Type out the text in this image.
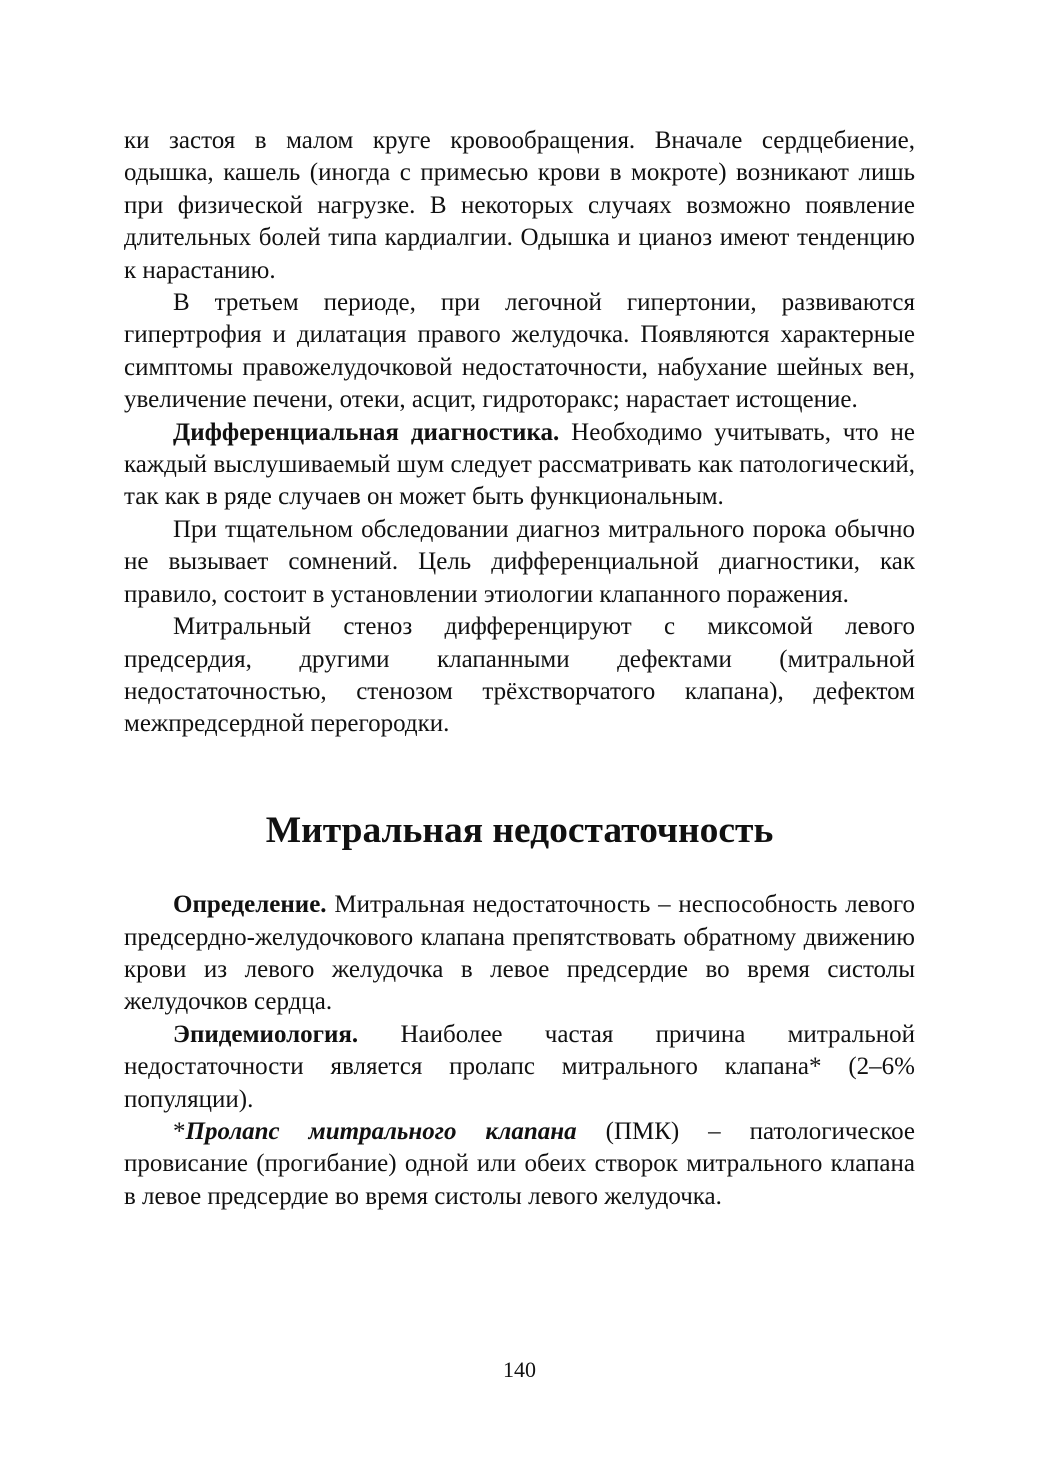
ки застоя в малом круге кровообращения. Вначале сердцебиение, одышка, кашель (иногда с примесью крови в мокроте) возникают лишь при физической нагрузке. В некоторых случаях возможно появление длительных болей типа кардиалгии. Одышка и цианоз имеют тенденцию к нарастанию.

В третьем периоде, при легочной гипертонии, развиваются гипертрофия и дилатация правого желудочка. Появляются характерные симптомы правожелудочковой недостаточности, набухание шейных вен, увеличение печени, отеки, асцит, гидроторакс; нарастает истощение.

Дифференциальная диагностика. Необходимо учитывать, что не каждый выслушиваемый шум следует рассматривать как патологический, так как в ряде случаев он может быть функциональным.

При тщательном обследовании диагноз митрального порока обычно не вызывает сомнений. Цель дифференциальной диагностики, как правило, состоит в установлении этиологии клапанного поражения.

Митральный стеноз дифференцируют с миксомой левого предсердия, другими клапанными дефектами (митральной недостаточностью, стенозом трёхстворчатого клапана), дефектом межпредсердной перегородки.

Митральная недостаточность

Определение. Митральная недостаточность – неспособность левого предсердно-желудочкового клапана препятствовать обратному движению крови из левого желудочка в левое предсердие во время систолы желудочков сердца.

Эпидемиология. Наиболее частая причина митральной недостаточности является пролапс митрального клапана* (2–6% популяции).

*Пролапс митрального клапана (ПМК) – патологическое провисание (прогибание) одной или обеих створок митрального клапана в левое предсердие во время систолы левого желудочка.

140
